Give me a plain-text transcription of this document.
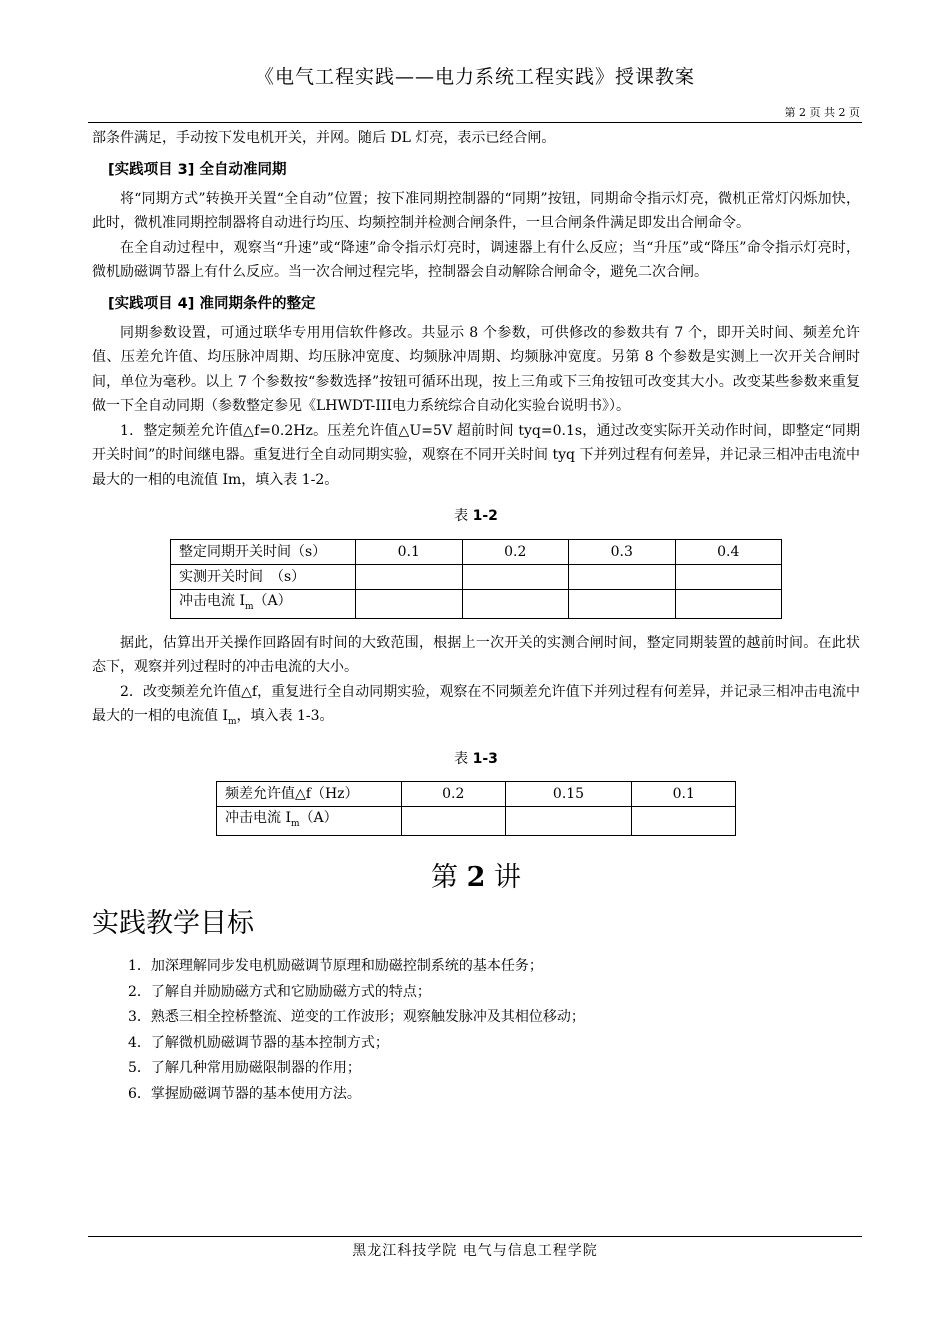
《电气工程实践——电力系统工程实践》授课教案
第 2 页 共 2 页

部条件满足，手动按下发电机开关，并网。随后 DL 灯亮，表示已经合闸。

[实践项目 3] 全自动准同期

将“同期方式”转换开关置“全自动”位置；按下准同期控制器的“同期”按钮，同期命令指示灯亮，微机正常灯闪烁加快，此时，微机准同期控制器将自动进行均压、均频控制并检测合闸条件，一旦合闸条件满足即发出合闸命令。

在全自动过程中，观察当“升速”或“降速”命令指示灯亮时，调速器上有什么反应；当“升压”或“降压”命令指示灯亮时，微机励磁调节器上有什么反应。当一次合闸过程完毕，控制器会自动解除合闸命令，避免二次合闸。

[实践项目 4] 准同期条件的整定

同期参数设置，可通过联华专用用信软件修改。共显示 8 个参数，可供修改的参数共有 7 个，即开关时间、频差允许值、压差允许值、均压脉冲周期、均压脉冲宽度、均频脉冲周期、均频脉冲宽度。另第 8 个参数是实测上一次开关合闸时间，单位为毫秒。以上 7 个参数按“参数选择”按钮可循环出现，按上三角或下三角按钮可改变其大小。改变某些参数来重复做一下全自动同期（参数整定参见《LHWDT-III电力系统综合自动化实验台说明书》）。

1．整定频差允许值△f=0.2Hz。压差允许值△U=5V 超前时间 tyq=0.1s，通过改变实际开关动作时间，即整定“同期开关时间”的时间继电器。重复进行全自动同期实验，观察在不同开关时间 tyq 下并列过程有何差异，并记录三相冲击电流中最大的一相的电流值 Im，填入表 1-2。

表 1-2
整定同期开关时间（s）	0.1	0.2	0.3	0.4
实测开关时间　（s）				
冲击电流 $I_m(A)$				

据此，估算出开关操作回路固有时间的大致范围，根据上一次开关的实测合闸时间，整定同期装置的越前时间。在此状态下，观察并列过程时的冲击电流的大小。

2．改变频差允许值△f，重复进行全自动同期实验，观察在不同频差允许值下并列过程有何差异，并记录三相冲击电流中最大的一相的电流值 $I_m$，填入表 1-3。

表 1-3
频差允许值△f（Hz）	0.2	0.15	0.1
冲击电流 $I_m(A)$			
第 2 讲
实践教学目标
1．加深理解同步发电机励磁调节原理和励磁控制系统的基本任务；
2．了解自并励励磁方式和它励励磁方式的特点；
3．熟悉三相全控桥整流、逆变的工作波形；观察触发脉冲及其相位移动；
4．了解微机励磁调节器的基本控制方式；
5．了解几种常用励磁限制器的作用；
6．掌握励磁调节器的基本使用方法。
黑龙江科技学院 电气与信息工程学院
